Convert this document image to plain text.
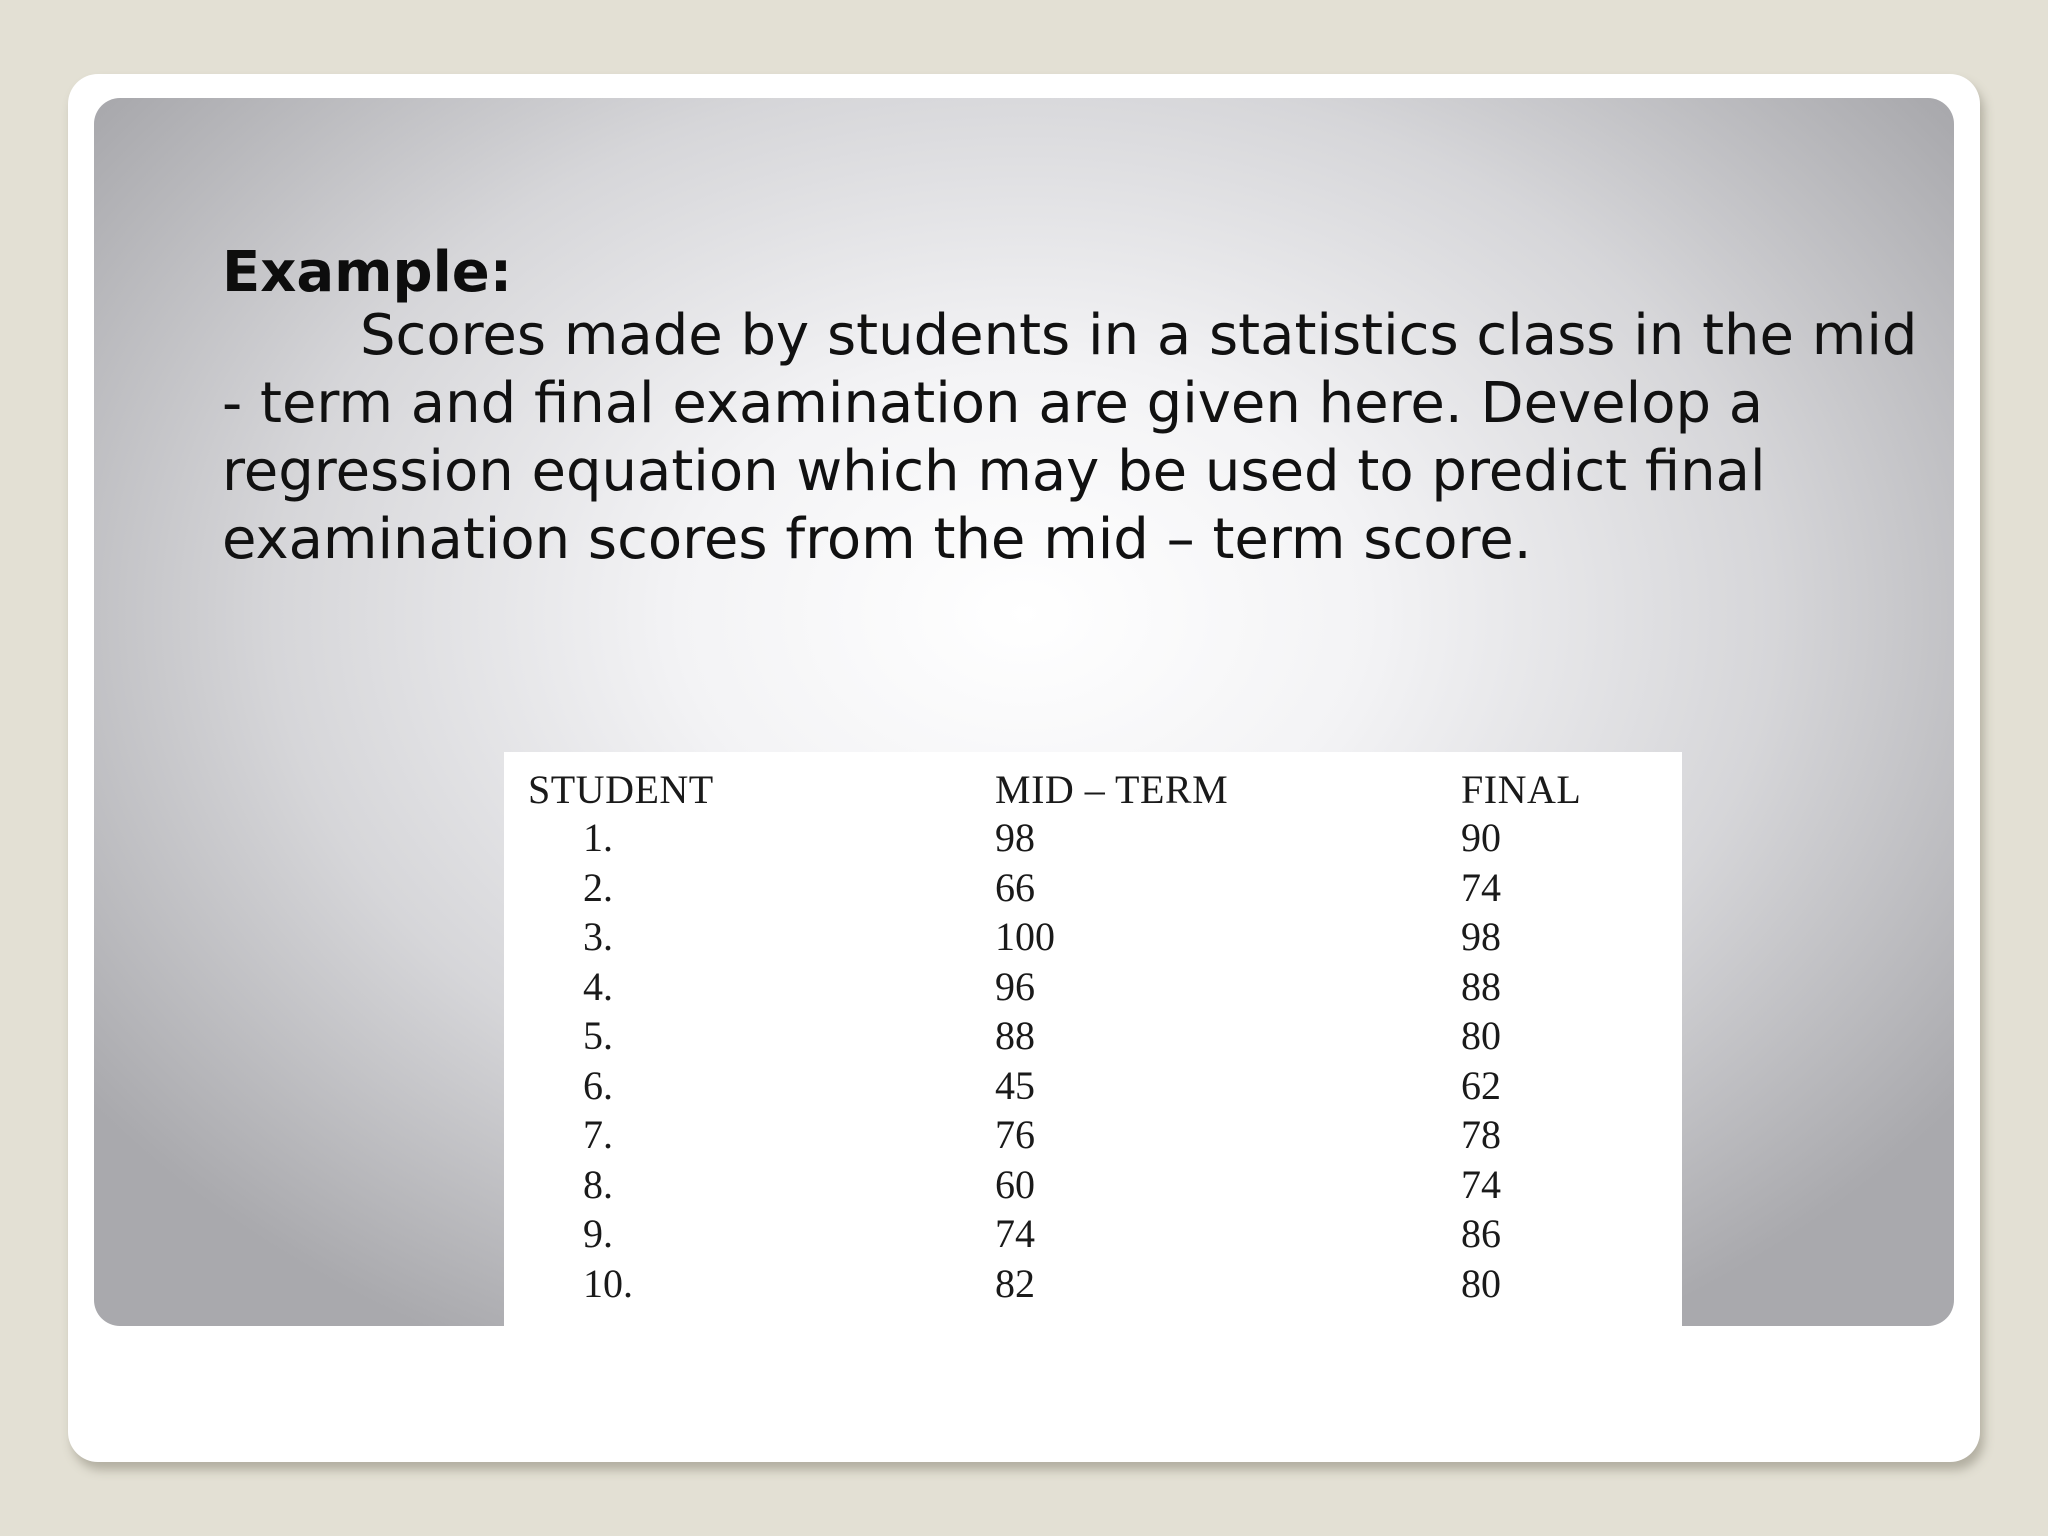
Example:

Scores made by students in a statistics class in the mid
- term and final examination are given here. Develop a
regression equation which may be used to predict final
examination scores from the mid – term score.

STUDENT	MID – TERM	FINAL
1.	98	90
2.	66	74
3.	100	98
4.	96	88
5.	88	80
6.	45	62
7.	76	78
8.	60	74
9.	74	86
10.	82	80
